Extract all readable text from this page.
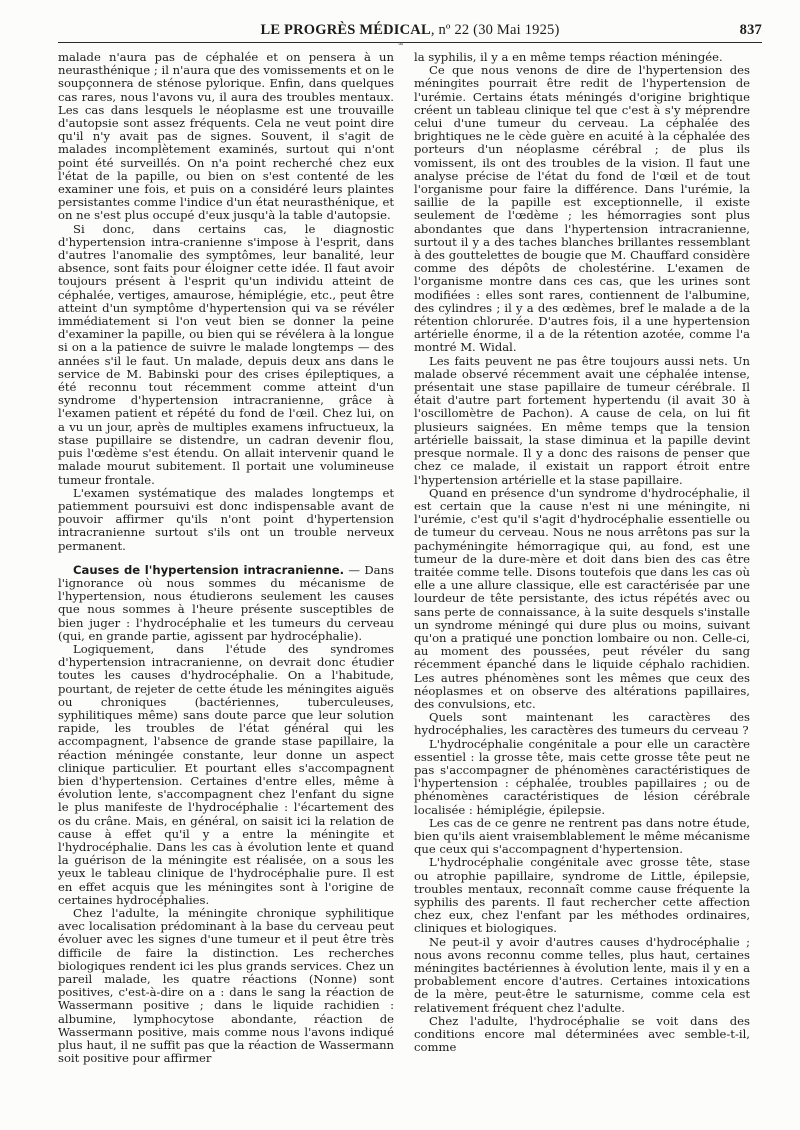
LE PROGRÈS MÉDICAL, nº 22 (30 Mai 1925)	837
∞

malade n'aura pas de céphalée et on pensera à un neurasthénique ; il n'aura que des vomissements et on le soupçonnera de sténose pylorique. Enfin, dans quelques cas rares, nous l'avons vu, il aura des troubles mentaux. Les cas dans lesquels le néoplasme est une trouvaille d'autopsie sont assez fréquents. Cela ne veut point dire qu'il n'y avait pas de signes. Souvent, il s'agit de malades incomplètement examinés, surtout qui n'ont point été surveillés. On n'a point recherché chez eux l'état de la papille, ou bien on s'est contenté de les examiner une fois, et puis on a considéré leurs plaintes persistantes comme l'indice d'un état neurasthénique, et on ne s'est plus occupé d'eux jusqu'à la table d'autopsie.

Si donc, dans certains cas, le diagnostic d'hypertension intra-cranienne s'impose à l'esprit, dans d'autres l'anomalie des symptômes, leur banalité, leur absence, sont faits pour éloigner cette idée. Il faut avoir toujours présent à l'esprit qu'un individu atteint de céphalée, vertiges, amaurose, hémiplégie, etc., peut être atteint d'un symptôme d'hypertension qui va se révéler immédiatement si l'on veut bien se donner la peine d'examiner la papille, ou bien qui se révélera à la longue si on a la patience de suivre le malade longtemps — des années s'il le faut. Un malade, depuis deux ans dans le service de M. Babinski pour des crises épileptiques, a été reconnu tout récemment comme atteint d'un syndrome d'hypertension intracranienne, grâce à l'examen patient et répété du fond de l'œil. Chez lui, on a vu un jour, après de multiples examens infructueux, la stase pupillaire se distendre, un cadran devenir flou, puis l'œdème s'est étendu. On allait intervenir quand le malade mourut subitement. Il portait une volumineuse tumeur frontale.

L'examen systématique des malades longtemps et patiemment poursuivi est donc indispensable avant de pouvoir affirmer qu'ils n'ont point d'hypertension intracranienne surtout s'ils ont un trouble nerveux permanent.

Causes de l'hypertension intracranienne. — Dans l'ignorance où nous sommes du mécanisme de l'hypertension, nous étudierons seulement les causes que nous sommes à l'heure présente susceptibles de bien juger : l'hydrocéphalie et les tumeurs du cerveau (qui, en grande partie, agissent par hydrocéphalie).

Logiquement, dans l'étude des syndromes d'hypertension intracranienne, on devrait donc étudier toutes les causes d'hydrocéphalie. On a l'habitude, pourtant, de rejeter de cette étude les méningites aiguës ou chroniques (bactériennes, tuberculeuses, syphilitiques même) sans doute parce que leur solution rapide, les troubles de l'état général qui les accompagnent, l'absence de grande stase papillaire, la réaction méningée constante, leur donne un aspect clinique particulier. Et pourtant elles s'accompagnent bien d'hypertension. Certaines d'entre elles, même à évolution lente, s'accompagnent chez l'enfant du signe le plus manifeste de l'hydrocéphalie : l'écartement des os du crâne. Mais, en général, on saisit ici la relation de cause à effet qu'il y a entre la méningite et l'hydrocéphalie. Dans les cas à évolution lente et quand la guérison de la méningite est réalisée, on a sous les yeux le tableau clinique de l'hydrocéphalie pure. Il est en effet acquis que les méningites sont à l'origine de certaines hydrocéphalies.

Chez l'adulte, la méningite chronique syphilitique avec localisation prédominant à la base du cerveau peut évoluer avec les signes d'une tumeur et il peut être très difficile de faire la distinction. Les recherches biologiques rendent ici les plus grands services. Chez un pareil malade, les quatre réactions (Nonne) sont positives, c'est-à-dire on a : dans le sang la réaction de Wassermann positive ; dans le liquide rachidien : albumine, lymphocytose abondante, réaction de Wassermann positive, mais comme nous l'avons indiqué plus haut, il ne suffit pas que la réaction de Wassermann soit positive pour affirmer

la syphilis, il y a en même temps réaction méningée.

Ce que nous venons de dire de l'hypertension des méningites pourrait être redit de l'hypertension de l'urémie. Certains états méningés d'origine brightique créent un tableau clinique tel que c'est à s'y méprendre celui d'une tumeur du cerveau. La céphalée des brightiques ne le cède guère en acuité à la céphalée des porteurs d'un néoplasme cérébral ; de plus ils vomissent, ils ont des troubles de la vision. Il faut une analyse précise de l'état du fond de l'œil et de tout l'organisme pour faire la différence. Dans l'urémie, la saillie de la papille est exceptionnelle, il existe seulement de l'œdème ; les hémorragies sont plus abondantes que dans l'hypertension intracranienne, surtout il y a des taches blanches brillantes ressemblant à des gouttelettes de bougie que M. Chauffard considère comme des dépôts de cholestérine. L'examen de l'organisme montre dans ces cas, que les urines sont modifiées : elles sont rares, contiennent de l'albumine, des cylindres ; il y a des œdèmes, bref le malade a de la rétention chlorurée. D'autres fois, il a une hypertension artérielle énorme, il a de la rétention azotée, comme l'a montré M. Widal.

Les faits peuvent ne pas être toujours aussi nets. Un malade observé récemment avait une céphalée intense, présentait une stase papillaire de tumeur cérébrale. Il était d'autre part fortement hypertendu (il avait 30 à l'oscillomètre de Pachon). A cause de cela, on lui fit plusieurs saignées. En même temps que la tension artérielle baissait, la stase diminua et la papille devint presque normale. Il y a donc des raisons de penser que chez ce malade, il existait un rapport étroit entre l'hypertension artérielle et la stase papillaire.

Quand en présence d'un syndrome d'hydrocéphalie, il est certain que la cause n'est ni une méningite, ni l'urémie, c'est qu'il s'agit d'hydrocéphalie essentielle ou de tumeur du cerveau. Nous ne nous arrêtons pas sur la pachyméningite hémorragique qui, au fond, est une tumeur de la dure-mère et doit dans bien des cas être traitée comme telle. Disons toutefois que dans les cas où elle a une allure classique, elle est caractérisée par une lourdeur de tête persistante, des ictus répétés avec ou sans perte de connaissance, à la suite desquels s'installe un syndrome méningé qui dure plus ou moins, suivant qu'on a pratiqué une ponction lombaire ou non. Celle-ci, au moment des poussées, peut révéler du sang récemment épanché dans le liquide céphalo rachidien. Les autres phénomènes sont les mêmes que ceux des néoplasmes et on observe des altérations papillaires, des convulsions, etc.

Quels sont maintenant les caractères des hydrocéphalies, les caractères des tumeurs du cerveau ?

L'hydrocéphalie congénitale a pour elle un caractère essentiel : la grosse tête, mais cette grosse tête peut ne pas s'accompagner de phénomènes caractéristiques de l'hypertension : céphalée, troubles papillaires ; ou de phénomènes caractéristiques de lésion cérébrale localisée : hémiplégie, épilepsie.

Les cas de ce genre ne rentrent pas dans notre étude, bien qu'ils aient vraisemblablement le même mécanisme que ceux qui s'accompagnent d'hypertension.

L'hydrocéphalie congénitale avec grosse tête, stase ou atrophie papillaire, syndrome de Little, épilepsie, troubles mentaux, reconnaît comme cause fréquente la syphilis des parents. Il faut rechercher cette affection chez eux, chez l'enfant par les méthodes ordinaires, cliniques et biologiques.

Ne peut-il y avoir d'autres causes d'hydrocéphalie ; nous avons reconnu comme telles, plus haut, certaines méningites bactériennes à évolution lente, mais il y en a probablement encore d'autres. Certaines intoxications de la mère, peut-être le saturnisme, comme cela est relativement fréquent chez l'adulte.

Chez l'adulte, l'hydrocéphalie se voit dans des conditions encore mal déterminées avec semble-t-il, comme
